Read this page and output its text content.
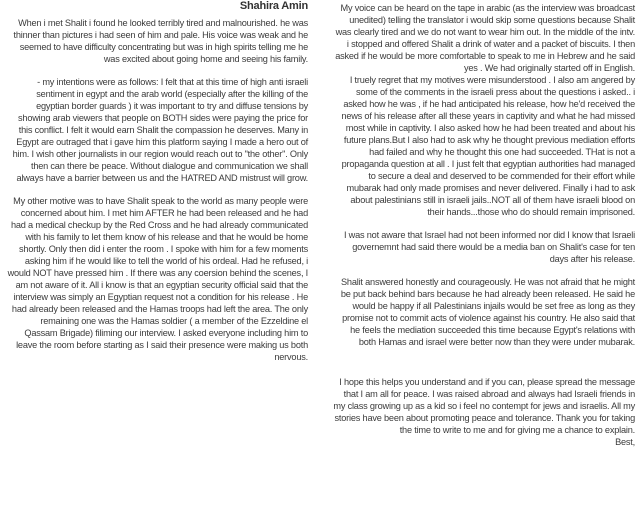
Shahira Amin

When i met Shalit i found he looked terribly tired and malnourished. he was thinner than pictures i had seen of him and pale. His voice was weak and he seemed to have difficulty concentrating but was in high spirits telling me he was excited about going home and seeing his family.

- my intentions were as follows: I felt that at this time of high anti israeli sentiment in egypt and the arab world (especially after the killing of the egyptian border guards ) it was important to try and diffuse tensions by showing arab viewers that people on BOTH sides were paying the price for this conflict. I felt it would earn Shalit the compassion he deserves. Many in Egypt are outraged that i gave him this platform saying I made a hero out of him. I wish other journalists in our region would reach out to "the other". Only then can there be peace. Without dialogue and communication we shall always have a barrier between us and the HATRED AND mistrust will grow.

My other motive was to have Shalit speak to the world as many people were concerned about him. I met him AFTER he had been released and he had had a medical checkup by the Red Cross and he had already communicated with his family to let them know of his release and that he would be home shortly. Only then did i enter the room . I spoke with him for a few moments asking him if he would like to tell the world of his ordeal. Had he refused, i would NOT have pressed him . If there was any coersion behind the scenes, I am not aware of it. All i know is that an egyptian security official said that the interview was simply an Egyptian request not a condition for his release . He had already been released and the Hamas troops had left the area. The only remaining one was the Hamas soldier ( a member of the Ezzeldine el Qassam Brigade) filiming our interview. I asked everyone including him to leave the room before starting as I said their presence were making us both nervous.

My voice can be heard on the tape in arabic (as the interview was broadcast unedited) telling the translator i would skip some questions because Shalit was clearly tired and we do not want to wear him out. In the middle of the intv. i stopped and offered Shalit a drink of water and a packet of biscuits. I then asked if he would be more comfortable to speak to me in Hebrew and he said yes . We had originally started off in English.

I truely regret that my motives were misunderstood . I also am angered by some of the comments in the israeli press about the questions i asked.. i asked how he was , if he had anticipated his release, how he'd received the news of his release after all these years in captivity and what he had missed most while in captivity. I also asked how he had been treated and about his future plans.But I also had to ask why he thought previous mediation efforts had failed and why he thought this one had succeeded. THat is not a propaganda question at all . I just felt that egyptian authorities had managed to secure a deal and deserved to be commended for their effort while mubarak had only made promises and never delivered. Finally i had to ask about palestinians still in israeli jails..NOT all of them have israeli blood on their hands...those who do should remain imprisoned.

I was not aware that Israel had not been informed nor did I know that Israeli governemnt had said there would be a media ban on Shalit's case for ten days after his release.

Shalit answered honestly and courageously. He was not afraid that he might be put back behind bars because he had already been released. He said he would be happy if all Palestinians injails would be set free as long as they promise not to commit acts of violence against his country. He also said that he feels the mediation succeeded this time because Egypt's relations with both Hamas and israel were better now than they were under mubarak.

I hope this helps you understand and if you can, please spread the message that I am all for peace. I was raised abroad and always had Israeli friends in my class growing up as a kid so i feel no contempt for jews and israelis. All my stories have been about promoting peace and tolerance. Thank you for taking the time to write to me and for giving me a chance to explain.

Best,
